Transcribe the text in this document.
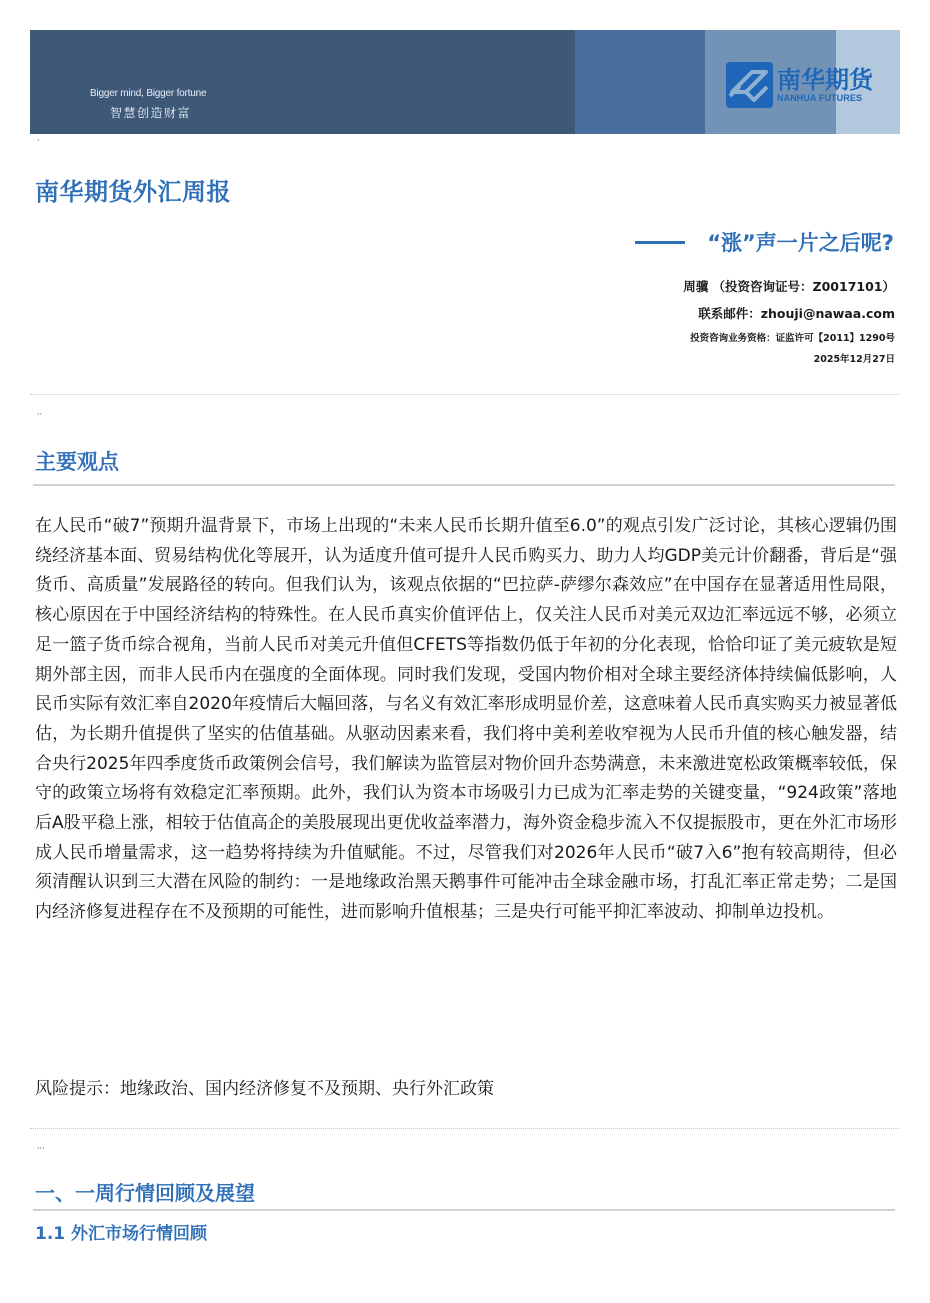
Bigger mind, Bigger fortune
智慧创造财富
南华期货
NANHUA FUTURES
·
南华期货外汇周报
“涨”声一片之后呢?
周骥 （投资咨询证号：Z0017101）
联系邮件：zhouji@nawaa.com
投资咨询业务资格：证监许可【2011】1290号
2025年12月27日
··
主要观点

在人民币“破7”预期升温背景下，市场上出现的“未来人民币长期升值至6.0”的观点引发广泛讨论，其核心逻辑仍围绕经济基本面、贸易结构优化等展开，认为适度升值可提升人民币购买力、助力人均GDP美元计价翻番，背后是“强货币、高质量”发展路径的转向。但我们认为，该观点依据的“巴拉萨-萨缪尔森效应”在中国存在显著适用性局限，核心原因在于中国经济结构的特殊性。在人民币真实价值评估上，仅关注人民币对美元双边汇率远远不够，必须立足一篮子货币综合视角，当前人民币对美元升值但CFETS等指数仍低于年初的分化表现，恰恰印证了美元疲软是短期外部主因，而非人民币内在强度的全面体现。同时我们发现，受国内物价相对全球主要经济体持续偏低影响，人民币实际有效汇率自2020年疫情后大幅回落，与名义有效汇率形成明显价差，这意味着人民币真实购买力被显著低估，为长期升值提供了坚实的估值基础。从驱动因素来看，我们将中美利差收窄视为人民币升值的核心触发器，结合央行2025年四季度货币政策例会信号，我们解读为监管层对物价回升态势满意，未来激进宽松政策概率较低，保守的政策立场将有效稳定汇率预期。此外，我们认为资本市场吸引力已成为汇率走势的关键变量，“924政策”落地后A股平稳上涨，相较于估值高企的美股展现出更优收益率潜力，海外资金稳步流入不仅提振股市，更在外汇市场形成人民币增量需求，这一趋势将持续为升值赋能。不过，尽管我们对2026年人民币“破7入6”抱有较高期待，但必须清醒认识到三大潜在风险的制约：一是地缘政治黑天鹅事件可能冲击全球金融市场，打乱汇率正常走势；二是国内经济修复进程存在不及预期的可能性，进而影响升值根基；三是央行可能平抑汇率波动、抑制单边投机。

风险提示：地缘政治、国内经济修复不及预期、央行外汇政策

···
一、一周行情回顾及展望
1.1 外汇市场行情回顾
